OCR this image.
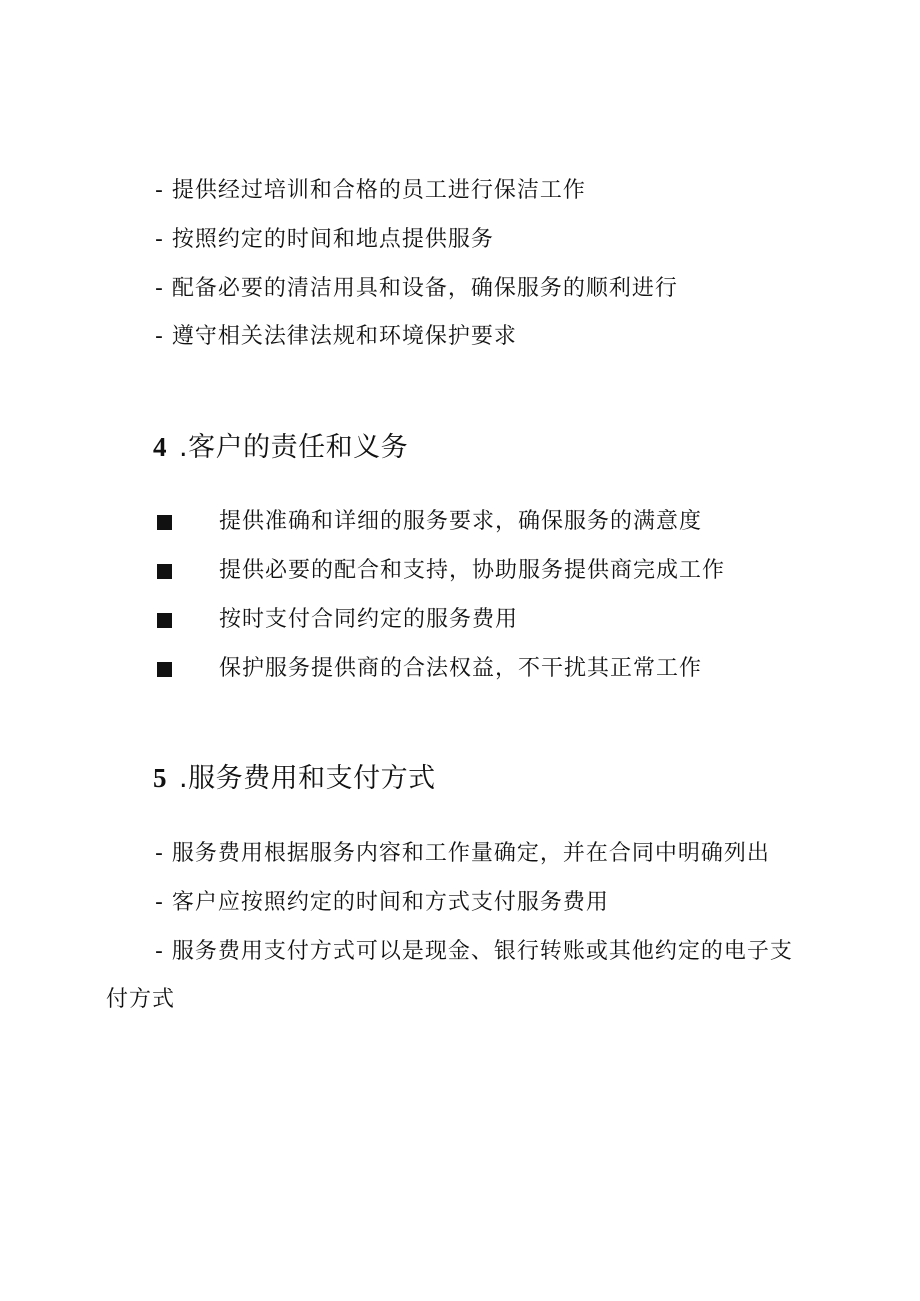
- 提供经过培训和合格的员工进行保洁工作
- 按照约定的时间和地点提供服务
- 配备必要的清洁用具和设备，确保服务的顺利进行
- 遵守相关法律法规和环境保护要求
4 .客户的责任和义务
提供准确和详细的服务要求，确保服务的满意度
提供必要的配合和支持，协助服务提供商完成工作
按时支付合同约定的服务费用
保护服务提供商的合法权益，不干扰其正常工作
5 .服务费用和支付方式
- 服务费用根据服务内容和工作量确定，并在合同中明确列出
- 客户应按照约定的时间和方式支付服务费用
- 服务费用支付方式可以是现金、银行转账或其他约定的电子支付方式
